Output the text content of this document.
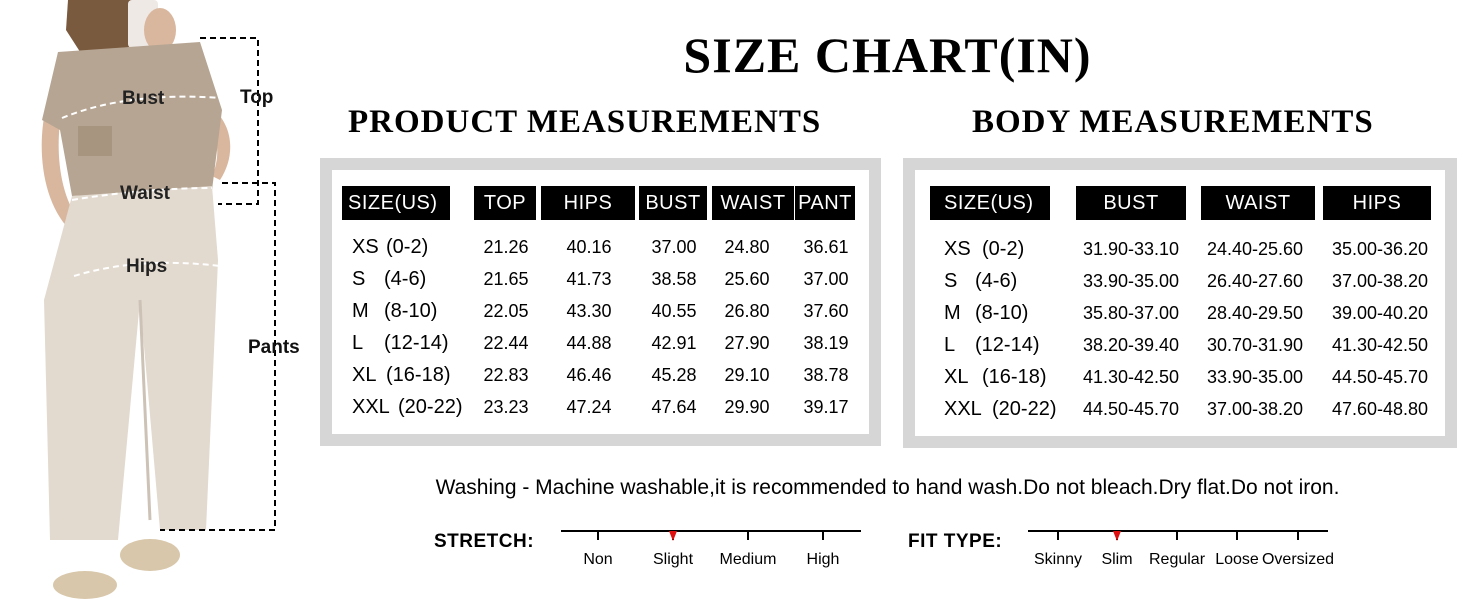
Bust
Waist
Hips
Top
Pants
SIZE CHART(IN)
PRODUCT MEASUREMENTS	BODY MEASUREMENTS
SIZE(US)	TOP	HIPS	BUST WAIST PANT
XS (0-2)	21.26 40.16 37.00 24.80 36.61
S (4-6)	21.65 41.73 38.58 25.60 37.00
M (8-10)	22.05 43.30 40.55 26.80 37.60
L (12-14) 22.44 44.88 42.91 27.90 38.19
XL (16-18) 22.83 46.46 45.28 29.10 38.78
XXL (20-22) 23.23 47.24 47.64 29.90 39.17
SIZE(US)	BUST	WAIST	HIPS
XS (0-2)	31.90-33.10	24.40-25.60	35.00-36.20
S (4-6)	33.90-35.00	26.40-27.60	37.00-38.20
M (8-10)	35.80-37.00	28.40-29.50	39.00-40.20
L (12-14)	38.20-39.40	30.70-31.90	41.30-42.50
XL (16-18)	41.30-42.50	33.90-35.00	44.50-45.70
XXL (20-22)	44.50-45.70	37.00-38.20	47.60-48.80
Washing - Machine washable,it is recommended to hand wash.Do not bleach.Dry flat.Do not iron.
STRETCH:
Non	Slight Medium High
FIT TYPE:
Skinny Slim Regular Loose Oversized
